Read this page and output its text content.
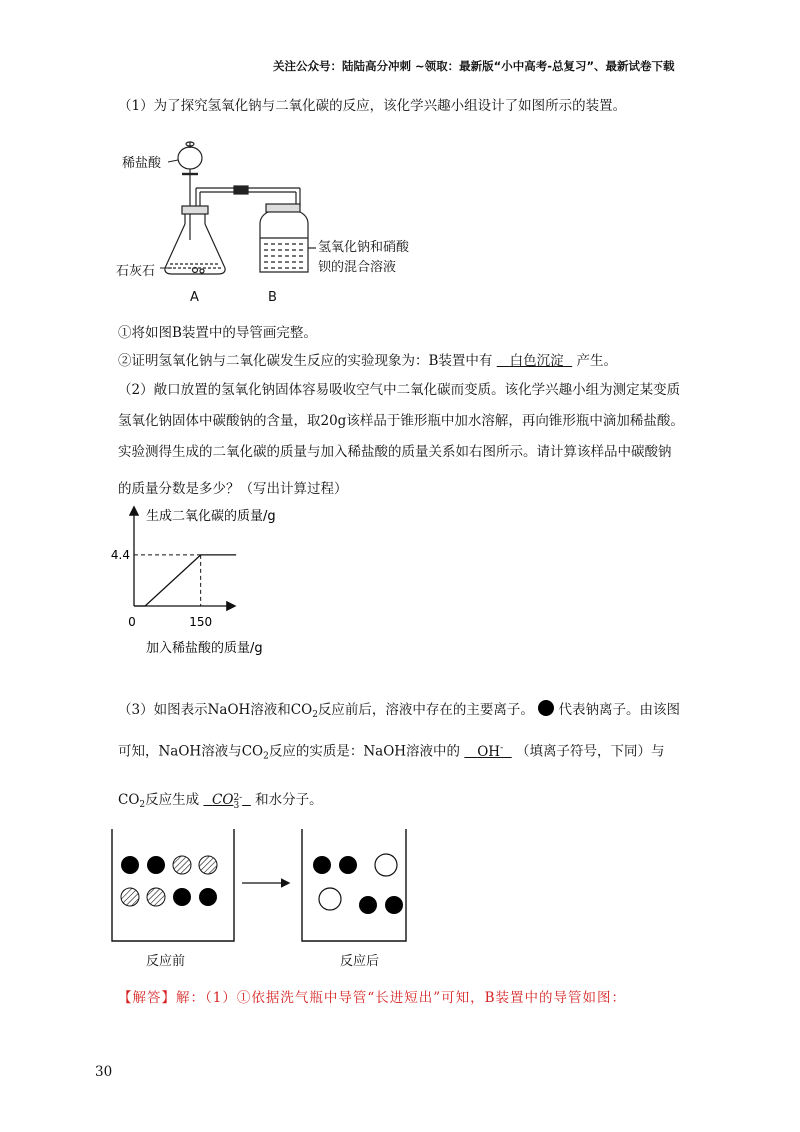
关注公众号：陆陆高分冲刺 ~领取：最新版“小中高考-总复习”、最新试卷下载
（1）为了探究氢氧化钠与二氧化碳的反应，该化学兴趣小组设计了如图所示的装置。
稀盐酸
石灰石
氢氧化钠和硝酸
钡的混合溶液
A	B
①将如图B装置中的导管画完整。
②证明氢氧化钠与二氧化碳发生反应的实验现象为：B装置中有 白色沉淀 产生。
（2）敞口放置的氢氧化钠固体容易吸收空气中二氧化碳而变质。该化学兴趣小组为测定某变质
氢氧化钠固体中碳酸钠的含量，取20g该样品于锥形瓶中加水溶解，再向锥形瓶中滴加稀盐酸。
实验测得生成的二氧化碳的质量与加入稀盐酸的质量关系如右图所示。请计算该样品中碳酸钠
的质量分数是多少？（写出计算过程）
生成二氧化碳的质量/g
4.4
150
0
加入稀盐酸的质量/g
（3）如图表示NaOH溶液和$CO_2$反应前后，溶液中存在的主要离子。 代表钠离子。由该图
可知，NaOH溶液与$CO_2$反应的实质是：NaOH溶液中的 OH- （填离子符号，下同）与
$CO_2$反应生成 CO2-
3 和水分子。
反应前	反应后
【解答】解：（1）①依据洗气瓶中导管“长进短出”可知，B装置中的导管如图：
30
